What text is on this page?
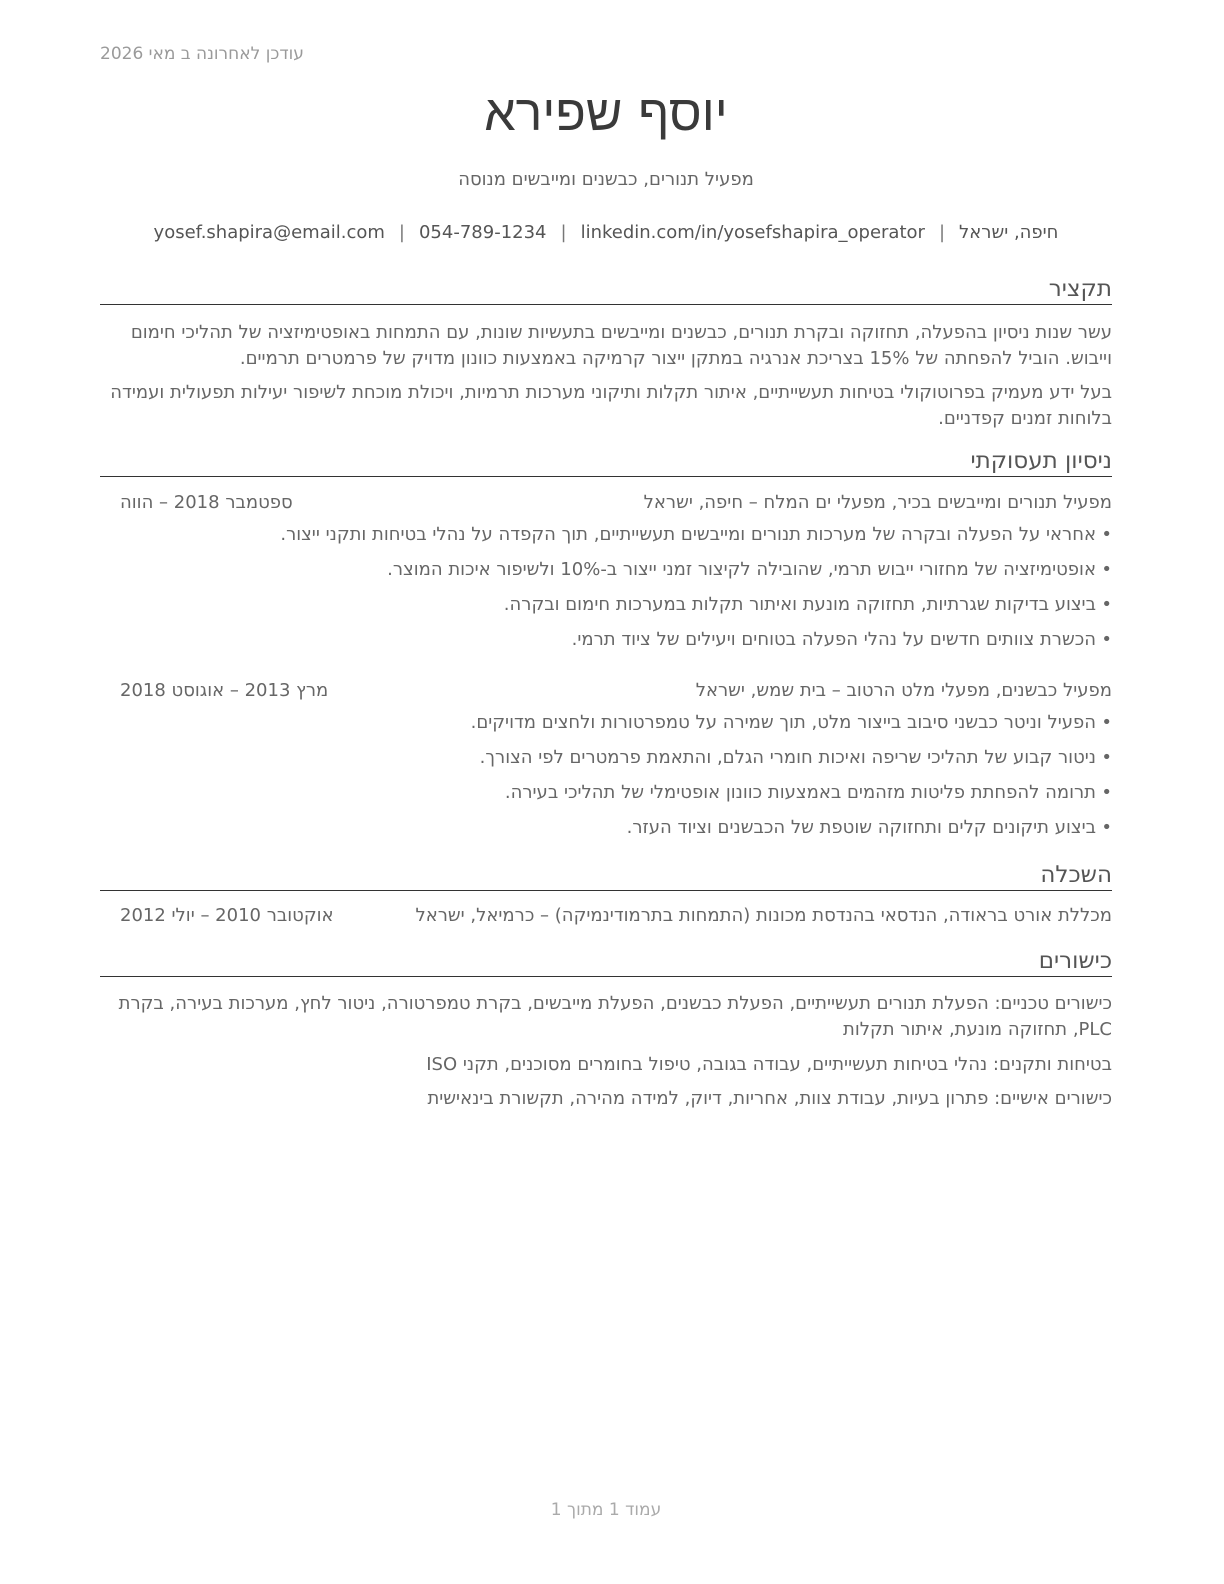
עודכן לאחרונה ב מאי 2026
יוסף שפירא
מפעיל תנורים, כבשנים ומייבשים מנוסה
חיפה, ישראל|yosef.shapira@email.com | 054-789-1234 | linkedin.com/in/yosefshapira_operator
תקציר
עשר שנות ניסיון בהפעלה, תחזוקה ובקרת תנורים, כבשנים ומייבשים בתעשיות שונות, עם התמחות באופטימיזציה של תהליכי חימום וייבוש. הוביל להפחתה של 15% בצריכת אנרגיה במתקן ייצור קרמיקה באמצעות כוונון מדויק של פרמטרים תרמיים.
בעל ידע מעמיק בפרוטוקולי בטיחות תעשייתיים, איתור תקלות ותיקוני מערכות תרמיות, ויכולת מוכחת לשיפור יעילות תפעולית ועמידה בלוחות זמנים קפדניים.
ניסיון תעסוקתי
מפעיל תנורים ומייבשים בכיר, מפעלי ים המלח – חיפה, ישראל
ספטמבר 2018 – הווה
•
אחראי על הפעלה ובקרה של מערכות תנורים ומייבשים תעשייתיים, תוך הקפדה על נהלי בטיחות ותקני ייצור.
•
אופטימיזציה של מחזורי ייבוש תרמי, שהובילה לקיצור זמני ייצור ב-10% ולשיפור איכות המוצר.
•
ביצוע בדיקות שגרתיות, תחזוקה מונעת ואיתור תקלות במערכות חימום ובקרה.
•
הכשרת צוותים חדשים על נהלי הפעלה בטוחים ויעילים של ציוד תרמי.
מפעיל כבשנים, מפעלי מלט הרטוב – בית שמש, ישראל
מרץ 2013 – אוגוסט 2018
•
הפעיל וניטר כבשני סיבוב בייצור מלט, תוך שמירה על טמפרטורות ולחצים מדויקים.
•
ניטור קבוע של תהליכי שריפה ואיכות חומרי הגלם, והתאמת פרמטרים לפי הצורך.
•
תרומה להפחתת פליטות מזהמים באמצעות כוונון אופטימלי של תהליכי בעירה.
•
ביצוע תיקונים קלים ותחזוקה שוטפת של הכבשנים וציוד העזר.
השכלה
מכללת אורט בראודה, הנדסאי בהנדסת מכונות (התמחות בתרמודינמיקה) – כרמיאל, ישראל
אוקטובר 2010 – יולי 2012
כישורים
כישורים טכניים: הפעלת תנורים תעשייתיים, הפעלת כבשנים, הפעלת מייבשים, בקרת טמפרטורה, ניטור לחץ, מערכות בעירה, בקרת PLC, תחזוקה מונעת, איתור תקלות
בטיחות ותקנים: נהלי בטיחות תעשייתיים, עבודה בגובה, טיפול בחומרים מסוכנים, תקני ISO
כישורים אישיים: פתרון בעיות, עבודת צוות, אחריות, דיוק, למידה מהירה, תקשורת בינאישית
עמוד 1 מתוך 1
